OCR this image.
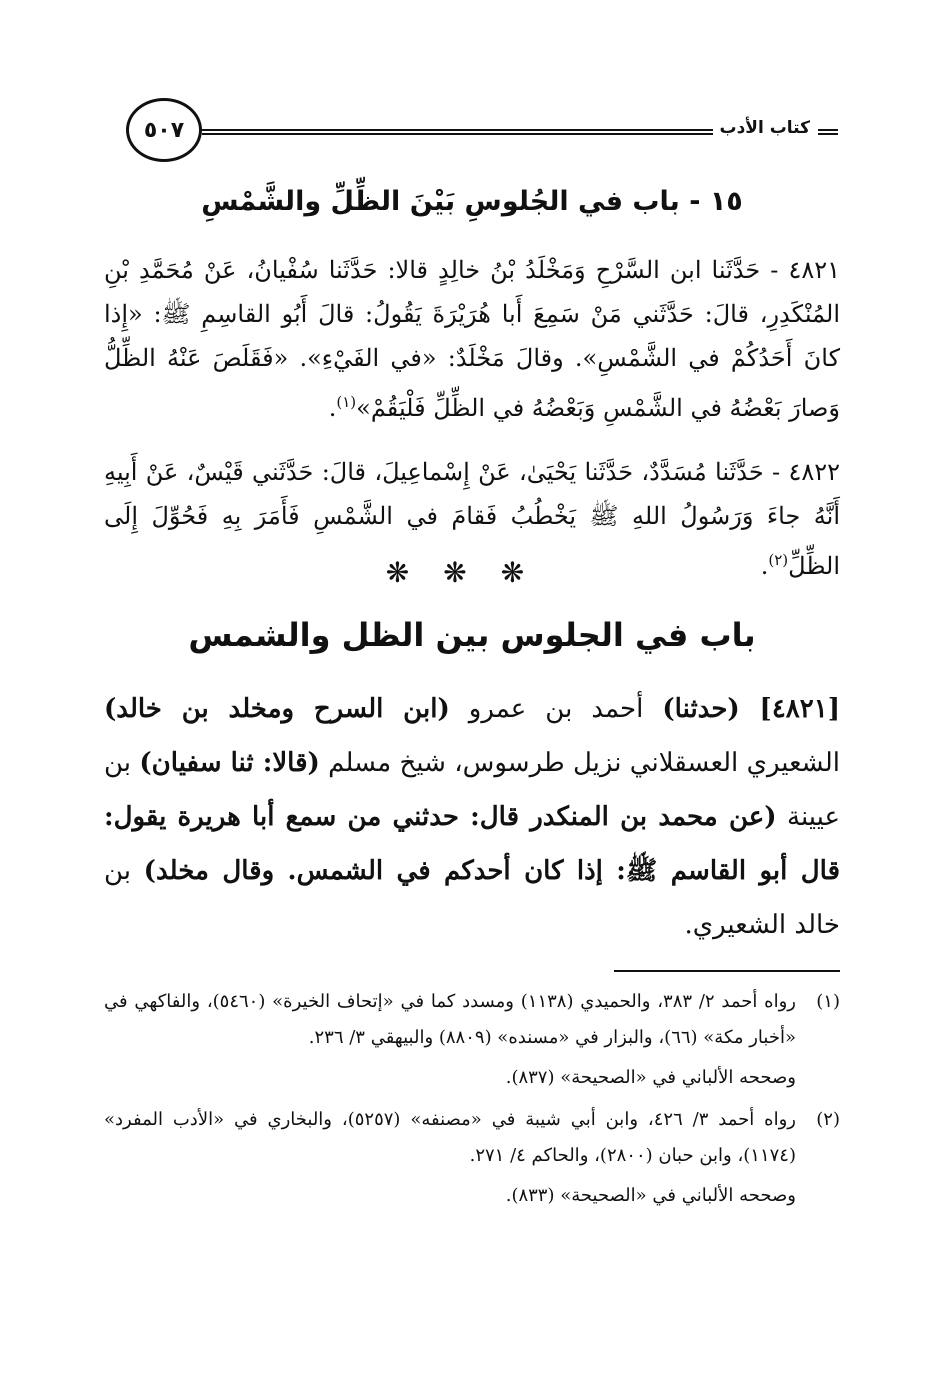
كتاب الأدب
٥٠٧
١٥ - باب في الجُلوسِ بَيْنَ الظِّلِّ والشَّمْسِ

٤٨٢١ - حَدَّثَنا ابن السَّرْحِ وَمَخْلَدُ بْنُ خالِدٍ قالا: حَدَّثَنا سُفْيانُ، عَنْ مُحَمَّدِ بْنِ المُنْكَدِرِ، قالَ: حَدَّثَني مَنْ سَمِعَ أَبا هُرَيْرَةَ يَقُولُ: قالَ أَبُو القاسِمِ ﷺ: «إِذا كانَ أَحَدُكُمْ في الشَّمْسِ». وقالَ مَخْلَدٌ: «في الفَيْءِ». «فَقَلَصَ عَنْهُ الظِّلُّ وَصارَ بَعْضُهُ في الشَّمْسِ وَبَعْضُهُ في الظِّلِّ فَلْيَقُمْ»$^{(١)}$.

٤٨٢٢ - حَدَّثَنا مُسَدَّدٌ، حَدَّثَنا يَحْيَىٰ، عَنْ إِسْماعِيلَ، قالَ: حَدَّثَني قَيْسٌ، عَنْ أَبِيهِ أَنَّهُ جاءَ وَرَسُولُ اللهِ ﷺ يَخْطُبُ فَقامَ في الشَّمْسِ فَأَمَرَ بِهِ فَحُوِّلَ إِلَى الظِّلِّ$^{(٢)}$.

❋❋❋
باب في الجلوس بين الظل والشمس

[٤٨٢١] (حدثنا) أحمد بن عمرو (ابن السرح ومخلد بن خالد) الشعيري العسقلاني نزيل طرسوس، شيخ مسلم (قالا: ثنا سفيان) بن عيينة (عن محمد بن المنكدر قال: حدثني من سمع أبا هريرة يقول: قال أبو القاسم ﷺ: إذا كان أحدكم في الشمس. وقال مخلد) بن خالد الشعيري.

(١)
رواه أحمد ٢/ ٣٨٣، والحميدي (١١٣٨) ومسدد كما في «إتحاف الخيرة» (٥٤٦٠)، والفاكهي في «أخبار مكة» (٦٦)، والبزار في «مسنده» (٨٨٠٩) والبيهقي ٣/ ٢٣٦.
وصححه الألباني في «الصحيحة» (٨٣٧).
(٢)
رواه أحمد ٣/ ٤٢٦، وابن أبي شيبة في «مصنفه» (٥٢٥٧)، والبخاري في «الأدب المفرد» (١١٧٤)، وابن حبان (٢٨٠٠)، والحاكم ٤/ ٢٧١.
وصححه الألباني في «الصحيحة» (٨٣٣).
